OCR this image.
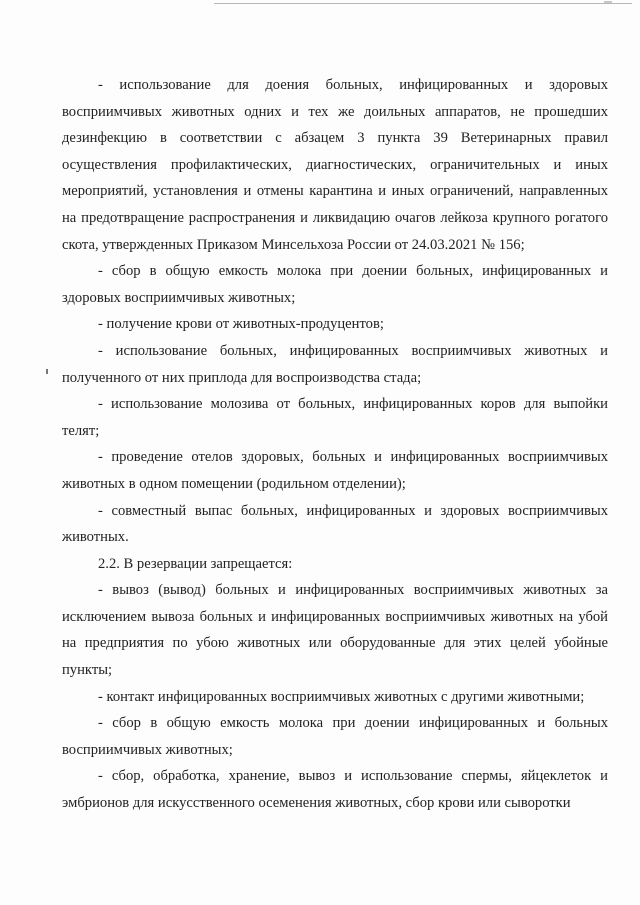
- использование для доения больных, инфицированных и здоровых восприимчивых животных одних и тех же доильных аппаратов, не прошедших дезинфекцию в соответствии с абзацем 3 пункта 39 Ветеринарных правил осуществления профилактических, диагностических, ограничительных и иных мероприятий, установления и отмены карантина и иных ограничений, направленных на предотвращение распространения и ликвидацию очагов лейкоза крупного рогатого скота, утвержденных Приказом Минсельхоза России от 24.03.2021 № 156;

- сбор в общую емкость молока при доении больных, инфицированных и здоровых восприимчивых животных;

- получение крови от животных-продуцентов;

- использование больных, инфицированных восприимчивых животных и полученного от них приплода для воспроизводства стада;

- использование молозива от больных, инфицированных коров для выпойки телят;

- проведение отелов здоровых, больных и инфицированных восприимчивых животных в одном помещении (родильном отделении);

- совместный выпас больных, инфицированных и здоровых восприимчивых животных.

2.2. В резервации запрещается:

- вывоз (вывод) больных и инфицированных восприимчивых животных за исключением вывоза больных и инфицированных восприимчивых животных на убой на предприятия по убою животных или оборудованные для этих целей убойные пункты;

- контакт инфицированных восприимчивых животных с другими животными;

- сбор в общую емкость молока при доении инфицированных и больных восприимчивых животных;

- сбор, обработка, хранение, вывоз и использование спермы, яйцеклеток и эмбрионов для искусственного осеменения животных, сбор крови или сыворотки
